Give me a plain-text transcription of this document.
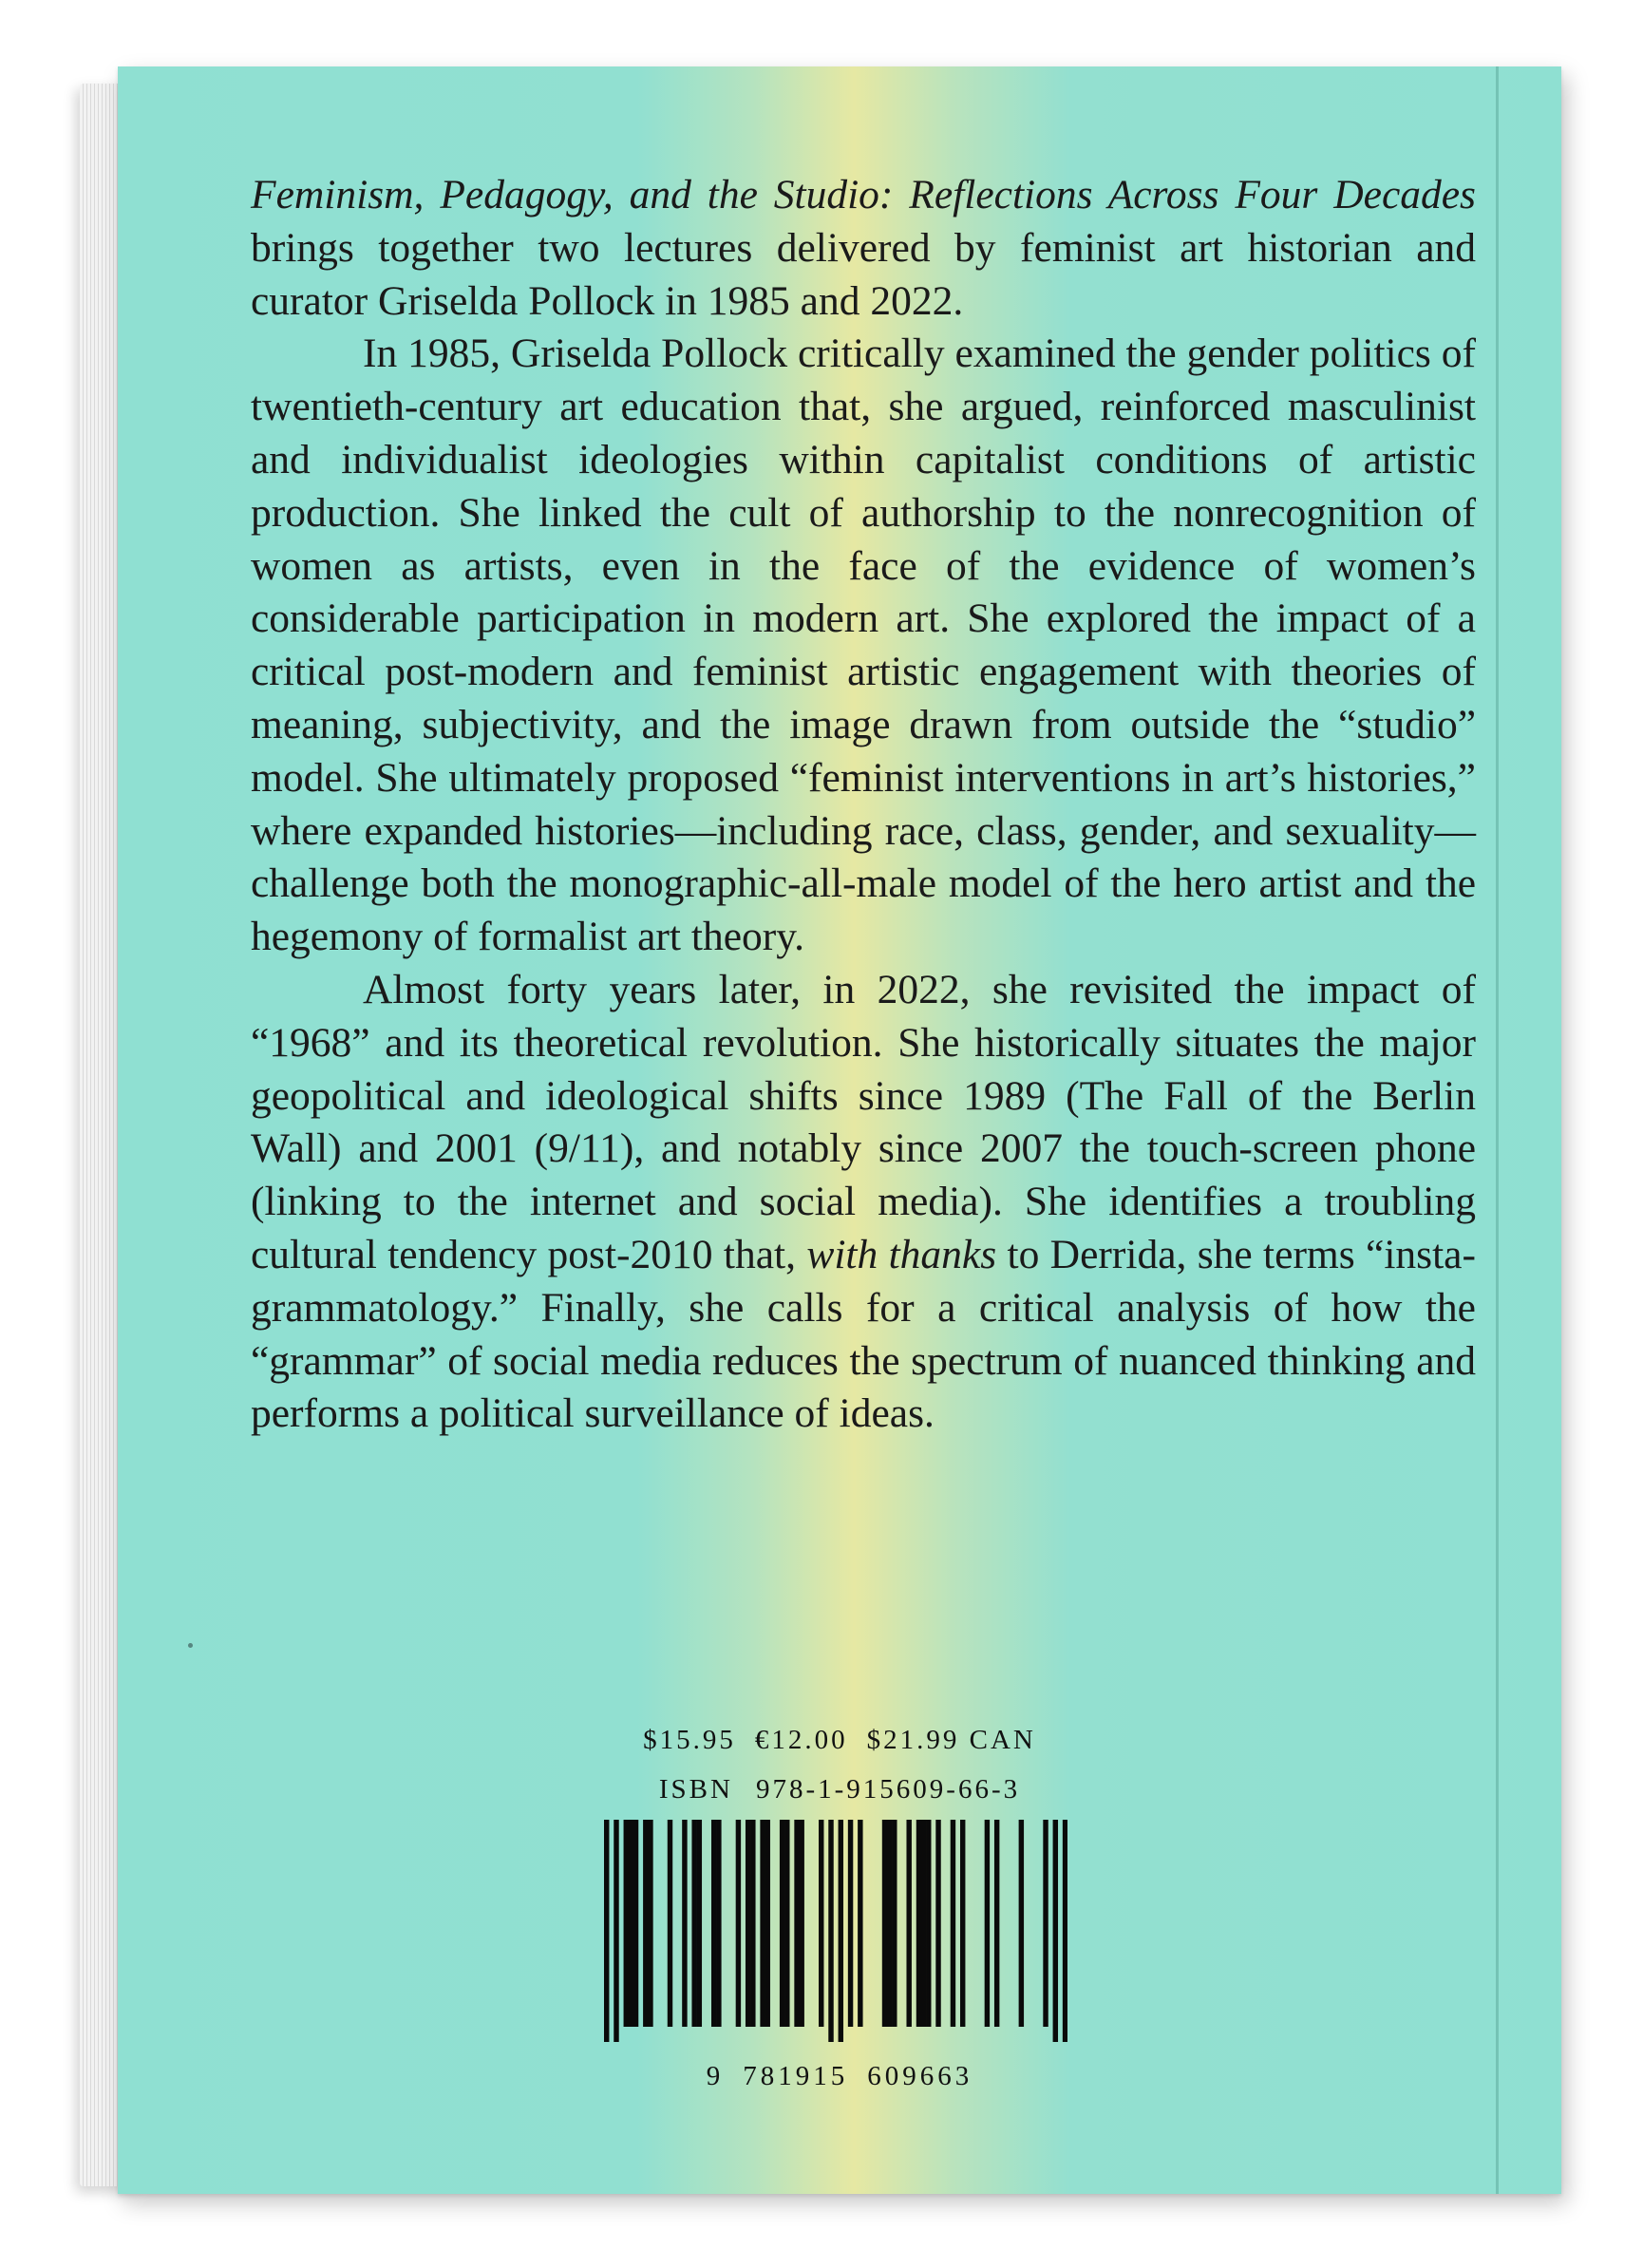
Feminism, Pedagogy, and the Studio: Reflections Across Four Decades brings together two lectures delivered by feminist art historian and curator Griselda Pollock in 1985 and 2022.

In 1985, Griselda Pollock critically examined the gender politics of twentieth-century art education that, she argued, reinforced masculinist and individualist ideologies within capitalist conditions of artistic production. She linked the cult of authorship to the nonrecognition of women as artists, even in the face of the evidence of women’s considerable participation in modern art. She explored the impact of a critical post-modern and feminist artistic engagement with theories of meaning, subjectivity, and the image drawn from outside the “studio” model. She ultimately proposed “feminist interventions in art’s histories,” where expanded histories—including race, class, gender, and sexuality—challenge both the monographic-all-male model of the hero artist and the hegemony of formalist art theory.

Almost forty years later, in 2022, she revisited the impact of “1968” and its theoretical revolution. She historically situates the major geopolitical and ideological shifts since 1989 (The Fall of the Berlin Wall) and 2001 (9/11), and notably since 2007 the touch-screen phone (linking to the internet and social media). She identifies a troubling cultural tendency post-2010 that, with thanks to Derrida, she terms “insta-grammatology.” Finally, she calls for a critical analysis of how the “grammar” of social media reduces the spectrum of nuanced thinking and performs a political surveillance of ideas.

$15.95 €12.00 $21.99 CAN
ISBN 978-1-915609-66-3
9 781915 609663
